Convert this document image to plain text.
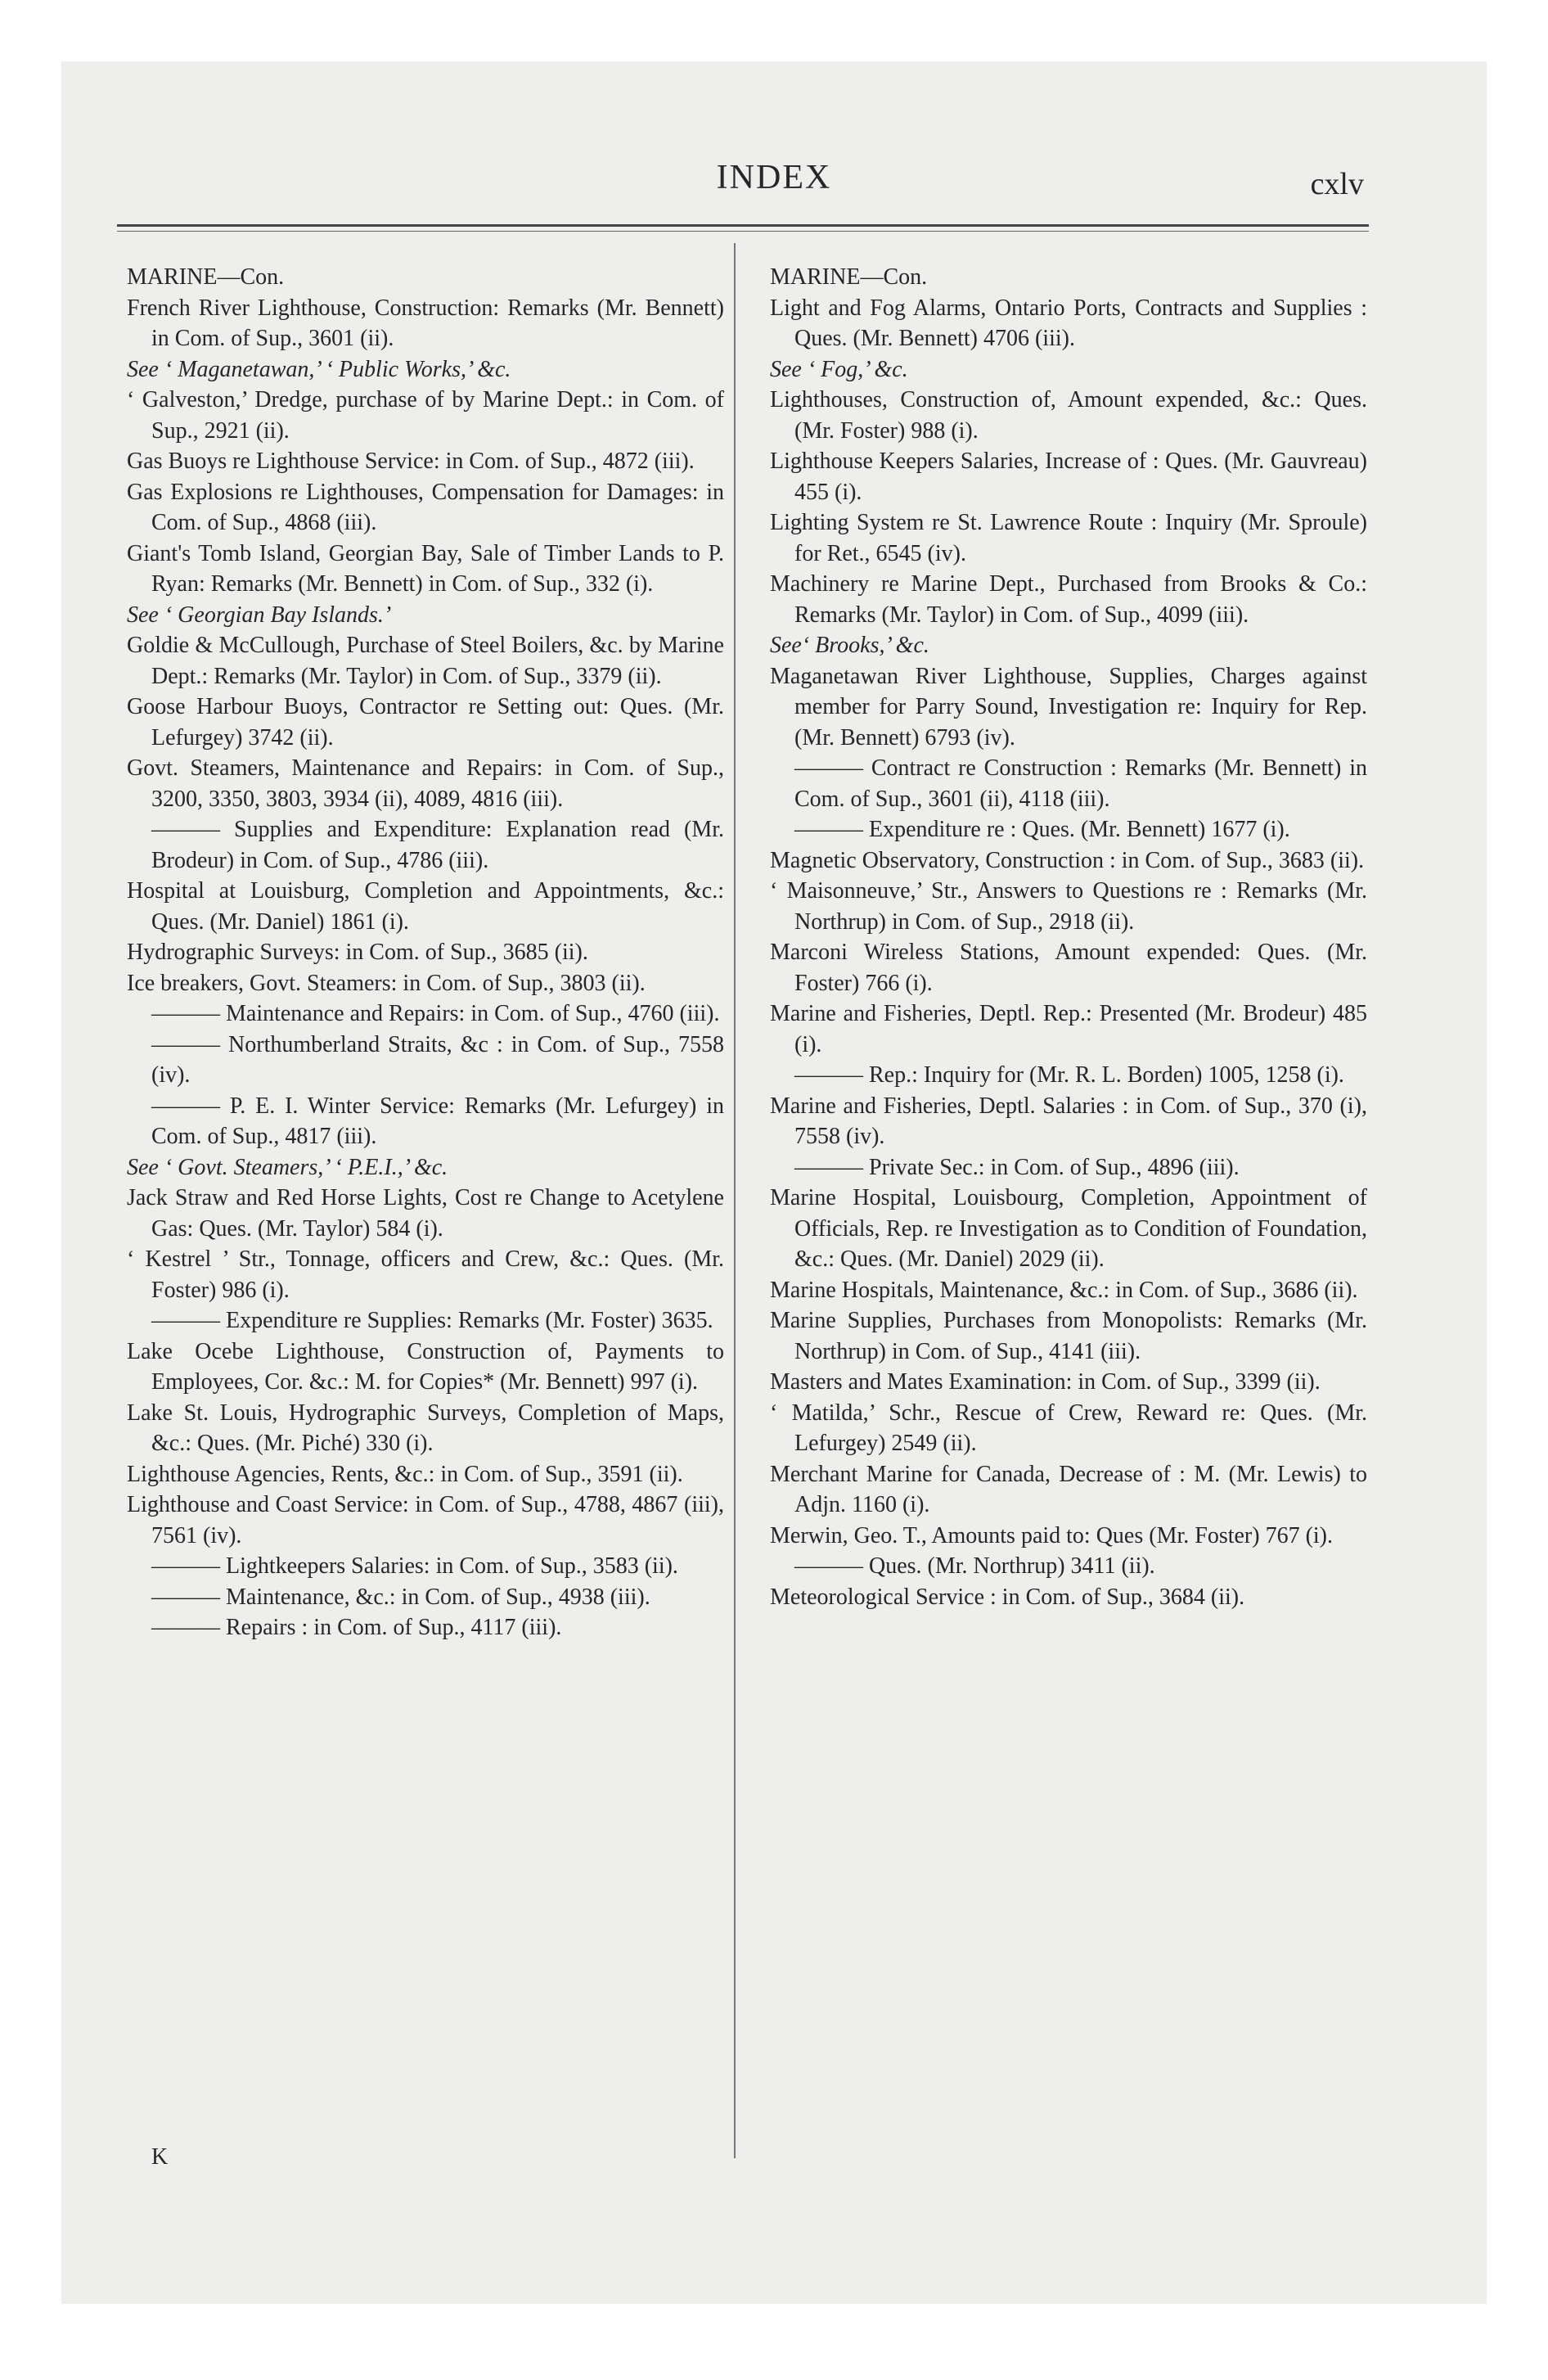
INDEX	cxlv

MARINE—Con.

French River Lighthouse, Construction: Remarks (Mr. Bennett) in Com. of Sup., 3601 (ii).

See ‘ Maganetawan,’ ‘ Public Works,’ &c.

‘ Galveston,’ Dredge, purchase of by Marine Dept.: in Com. of Sup., 2921 (ii).

Gas Buoys re Lighthouse Service: in Com. of Sup., 4872 (iii).

Gas Explosions re Lighthouses, Compensation for Damages: in Com. of Sup., 4868 (iii).

Giant's Tomb Island, Georgian Bay, Sale of Timber Lands to P. Ryan: Remarks (Mr. Bennett) in Com. of Sup., 332 (i).

See ‘ Georgian Bay Islands.’

Goldie & McCullough, Purchase of Steel Boilers, &c. by Marine Dept.: Remarks (Mr. Taylor) in Com. of Sup., 3379 (ii).

Goose Harbour Buoys, Contractor re Setting out: Ques. (Mr. Lefurgey) 3742 (ii).

Govt. Steamers, Maintenance and Repairs: in Com. of Sup., 3200, 3350, 3803, 3934 (ii), 4089, 4816 (iii).

——— Supplies and Expenditure: Explanation read (Mr. Brodeur) in Com. of Sup., 4786 (iii).

Hospital at Louisburg, Completion and Appointments, &c.: Ques. (Mr. Daniel) 1861 (i).

Hydrographic Surveys: in Com. of Sup., 3685 (ii).

Ice breakers, Govt. Steamers: in Com. of Sup., 3803 (ii).

——— Maintenance and Repairs: in Com. of Sup., 4760 (iii).

——— Northumberland Straits, &c : in Com. of Sup., 7558 (iv).

——— P. E. I. Winter Service: Remarks (Mr. Lefurgey) in Com. of Sup., 4817 (iii).

See ‘ Govt. Steamers,’ ‘ P.E.I.,’ &c.

Jack Straw and Red Horse Lights, Cost re Change to Acetylene Gas: Ques. (Mr. Taylor) 584 (i).

‘ Kestrel ’ Str., Tonnage, officers and Crew, &c.: Ques. (Mr. Foster) 986 (i).

——— Expenditure re Supplies: Remarks (Mr. Foster) 3635.

Lake Ocebe Lighthouse, Construction of, Payments to Employees, Cor. &c.: M. for Copies* (Mr. Bennett) 997 (i).

Lake St. Louis, Hydrographic Surveys, Completion of Maps, &c.: Ques. (Mr. Piché) 330 (i).

Lighthouse Agencies, Rents, &c.: in Com. of Sup., 3591 (ii).

Lighthouse and Coast Service: in Com. of Sup., 4788, 4867 (iii), 7561 (iv).

——— Lightkeepers Salaries: in Com. of Sup., 3583 (ii).

——— Maintenance, &c.: in Com. of Sup., 4938 (iii).

——— Repairs : in Com. of Sup., 4117 (iii).

MARINE—Con.

Light and Fog Alarms, Ontario Ports, Contracts and Supplies : Ques. (Mr. Bennett) 4706 (iii).

See ‘ Fog,’ &c.

Lighthouses, Construction of, Amount expended, &c.: Ques. (Mr. Foster) 988 (i).

Lighthouse Keepers Salaries, Increase of : Ques. (Mr. Gauvreau) 455 (i).

Lighting System re St. Lawrence Route : Inquiry (Mr. Sproule) for Ret., 6545 (iv).

Machinery re Marine Dept., Purchased from Brooks & Co.: Remarks (Mr. Taylor) in Com. of Sup., 4099 (iii).

See‘ Brooks,’ &c.

Maganetawan River Lighthouse, Supplies, Charges against member for Parry Sound, Investigation re: Inquiry for Rep. (Mr. Bennett) 6793 (iv).

——— Contract re Construction : Remarks (Mr. Bennett) in Com. of Sup., 3601 (ii), 4118 (iii).

——— Expenditure re : Ques. (Mr. Bennett) 1677 (i).

Magnetic Observatory, Construction : in Com. of Sup., 3683 (ii).

‘ Maisonneuve,’ Str., Answers to Questions re : Remarks (Mr. Northrup) in Com. of Sup., 2918 (ii).

Marconi Wireless Stations, Amount expended: Ques. (Mr. Foster) 766 (i).

Marine and Fisheries, Deptl. Rep.: Presented (Mr. Brodeur) 485 (i).

——— Rep.: Inquiry for (Mr. R. L. Borden) 1005, 1258 (i).

Marine and Fisheries, Deptl. Salaries : in Com. of Sup., 370 (i), 7558 (iv).

——— Private Sec.: in Com. of Sup., 4896 (iii).

Marine Hospital, Louisbourg, Completion, Appointment of Officials, Rep. re Investigation as to Condition of Foundation, &c.: Ques. (Mr. Daniel) 2029 (ii).

Marine Hospitals, Maintenance, &c.: in Com. of Sup., 3686 (ii).

Marine Supplies, Purchases from Monopolists: Remarks (Mr. Northrup) in Com. of Sup., 4141 (iii).

Masters and Mates Examination: in Com. of Sup., 3399 (ii).

‘ Matilda,’ Schr., Rescue of Crew, Reward re: Ques. (Mr. Lefurgey) 2549 (ii).

Merchant Marine for Canada, Decrease of : M. (Mr. Lewis) to Adjn. 1160 (i).

Merwin, Geo. T., Amounts paid to: Ques (Mr. Foster) 767 (i).

——— Ques. (Mr. Northrup) 3411 (ii).

Meteorological Service : in Com. of Sup., 3684 (ii).

K
